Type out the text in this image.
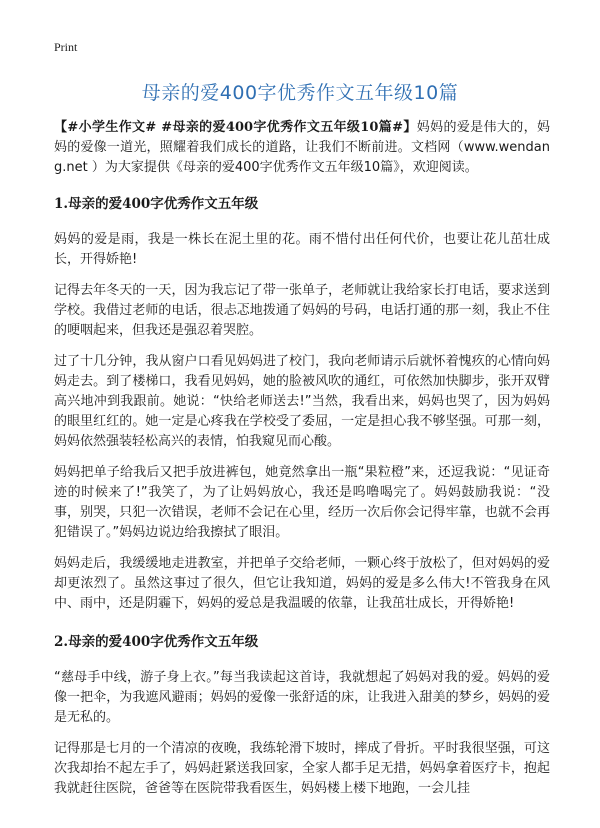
Print
母亲的爱400字优秀作文五年级10篇

【#小学生作文# #母亲的爱400字优秀作文五年级10篇#】妈妈的爱是伟大的，妈妈的爱像一道光，照耀着我们成长的道路，让我们不断前进。文档网（www.wendang.net ）为大家提供《母亲的爱400字优秀作文五年级10篇》，欢迎阅读。

1.母亲的爱400字优秀作文五年级

妈妈的爱是雨，我是一株长在泥土里的花。雨不惜付出任何代价，也要让花儿茁壮成长，开得娇艳!

记得去年冬天的一天，因为我忘记了带一张单子，老师就让我给家长打电话，要求送到学校。我借过老师的电话，很忐忑地拨通了妈妈的号码，电话打通的那一刻，我止不住的哽咽起来，但我还是强忍着哭腔。

过了十几分钟，我从窗户口看见妈妈进了校门，我向老师请示后就怀着愧疚的心情向妈妈走去。到了楼梯口，我看见妈妈，她的脸被风吹的通红，可依然加快脚步，张开双臂高兴地冲到我跟前。她说：“快给老师送去!”当然，我看出来，妈妈也哭了，因为妈妈的眼里红红的。她一定是心疼我在学校受了委屈，一定是担心我不够坚强。可那一刻，妈妈依然强装轻松高兴的表情，怕我窥见而心酸。

妈妈把单子给我后又把手放进裤包，她竟然拿出一瓶“果粒橙”来，还逗我说：“见证奇迹的时候来了!”我笑了，为了让妈妈放心，我还是呜噜喝完了。妈妈鼓励我说：“没事，别哭，只犯一次错误，老师不会记在心里，经历一次后你会记得牢靠，也就不会再犯错误了。”妈妈边说边给我擦拭了眼泪。

妈妈走后，我缓缓地走进教室，并把单子交给老师，一颗心终于放松了，但对妈妈的爱却更浓烈了。虽然这事过了很久，但它让我知道，妈妈的爱是多么伟大!不管我身在风中、雨中，还是阴霾下，妈妈的爱总是我温暖的依靠，让我茁壮成长，开得娇艳!

2.母亲的爱400字优秀作文五年级

“慈母手中线，游子身上衣。”每当我读起这首诗，我就想起了妈妈对我的爱。妈妈的爱像一把伞，为我遮风避雨；妈妈的爱像一张舒适的床，让我进入甜美的梦乡，妈妈的爱是无私的。

记得那是七月的一个清凉的夜晚，我练轮滑下坡时，摔成了骨折。平时我很坚强，可这次我却抬不起左手了，妈妈赶紧送我回家，全家人都手足无措，妈妈拿着医疗卡，抱起我就赶往医院，爸爸等在医院带我看医生，妈妈楼上楼下地跑，一会儿挂
